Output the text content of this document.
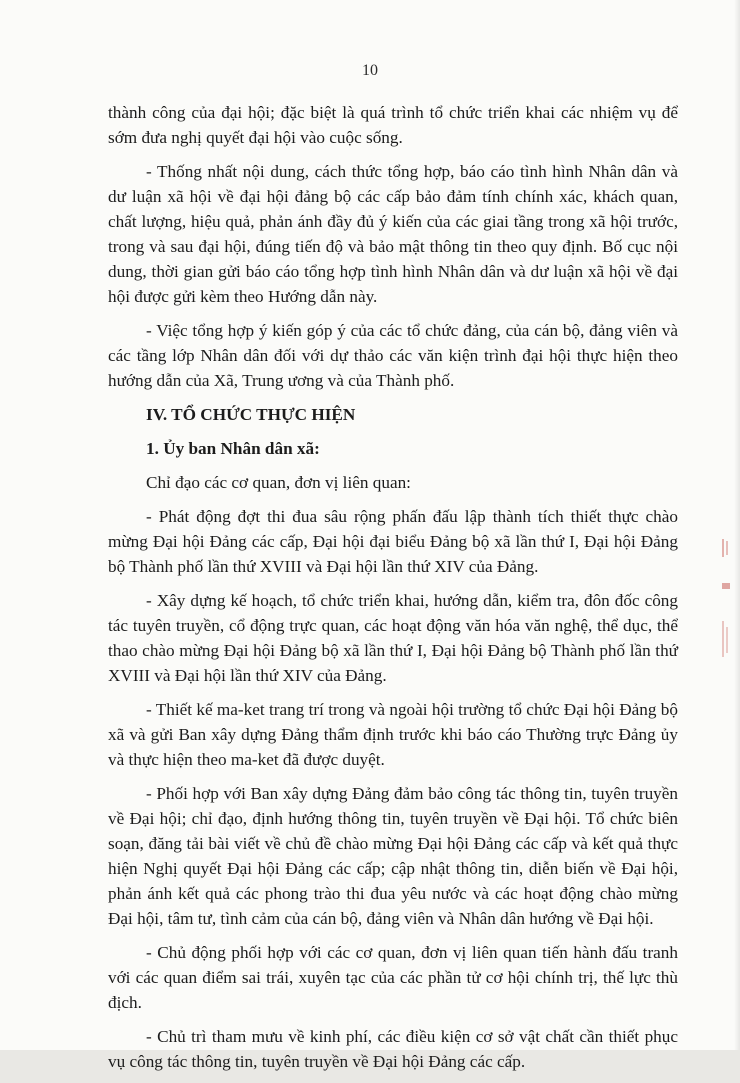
10

thành công của đại hội; đặc biệt là quá trình tổ chức triển khai các nhiệm vụ để sớm đưa nghị quyết đại hội vào cuộc sống.

- Thống nhất nội dung, cách thức tổng hợp, báo cáo tình hình Nhân dân và dư luận xã hội về đại hội đảng bộ các cấp bảo đảm tính chính xác, khách quan, chất lượng, hiệu quả, phản ánh đầy đủ ý kiến của các giai tầng trong xã hội trước, trong và sau đại hội, đúng tiến độ và bảo mật thông tin theo quy định. Bố cục nội dung, thời gian gửi báo cáo tổng hợp tình hình Nhân dân và dư luận xã hội về đại hội được gửi kèm theo Hướng dẫn này.

- Việc tổng hợp ý kiến góp ý của các tổ chức đảng, của cán bộ, đảng viên và các tầng lớp Nhân dân đối với dự thảo các văn kiện trình đại hội thực hiện theo hướng dẫn của Xã, Trung ương và của Thành phố.

IV. TỔ CHỨC THỰC HIỆN

1. Ủy ban Nhân dân xã:

Chỉ đạo các cơ quan, đơn vị liên quan:

- Phát động đợt thi đua sâu rộng phấn đấu lập thành tích thiết thực chào mừng Đại hội Đảng các cấp, Đại hội đại biểu Đảng bộ xã lần thứ I, Đại hội Đảng bộ Thành phố lần thứ XVIII và Đại hội lần thứ XIV của Đảng.

- Xây dựng kế hoạch, tổ chức triển khai, hướng dẫn, kiểm tra, đôn đốc công tác tuyên truyền, cổ động trực quan, các hoạt động văn hóa văn nghệ, thể dục, thể thao chào mừng Đại hội Đảng bộ xã lần thứ I, Đại hội Đảng bộ Thành phố lần thứ XVIII và Đại hội lần thứ XIV của Đảng.

- Thiết kế ma-ket trang trí trong và ngoài hội trường tổ chức Đại hội Đảng bộ xã và gửi Ban xây dựng Đảng thẩm định trước khi báo cáo Thường trực Đảng ủy và thực hiện theo ma-ket đã được duyệt.

- Phối hợp với Ban xây dựng Đảng đảm bảo công tác thông tin, tuyên truyền về Đại hội; chỉ đạo, định hướng thông tin, tuyên truyền về Đại hội. Tổ chức biên soạn, đăng tải bài viết về chủ đề chào mừng Đại hội Đảng các cấp và kết quả thực hiện Nghị quyết Đại hội Đảng các cấp; cập nhật thông tin, diễn biến về Đại hội, phản ánh kết quả các phong trào thi đua yêu nước và các hoạt động chào mừng Đại hội, tâm tư, tình cảm của cán bộ, đảng viên và Nhân dân hướng về Đại hội.

- Chủ động phối hợp với các cơ quan, đơn vị liên quan tiến hành đấu tranh với các quan điểm sai trái, xuyên tạc của các phần tử cơ hội chính trị, thế lực thù địch.

- Chủ trì tham mưu về kinh phí, các điều kiện cơ sở vật chất cần thiết phục vụ công tác thông tin, tuyên truyền về Đại hội Đảng các cấp.
